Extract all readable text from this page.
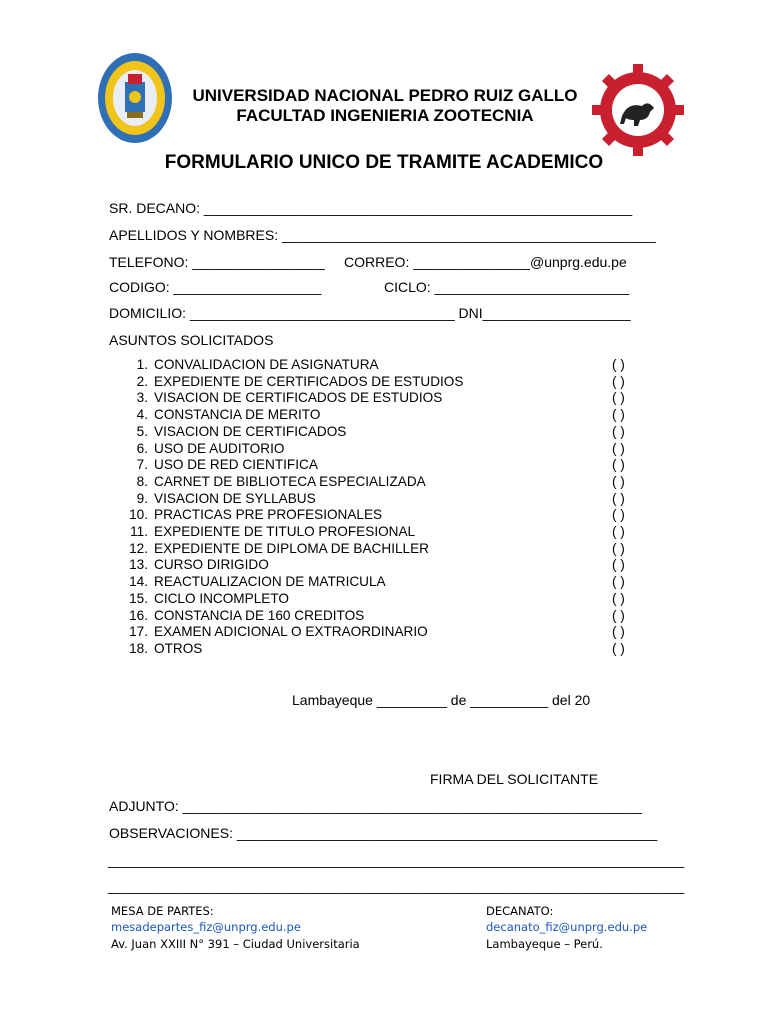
UNIVERSIDAD NACIONAL PEDRO RUIZ GALLO
FACULTAD INGENIERIA ZOOTECNIA
FORMULARIO UNICO DE TRAMITE ACADEMICO
SR. DECANO: _______________________________________________________
APELLIDOS Y NOMBRES: ________________________________________________
TELEFONO: _________________ CORREO: _______________@unprg.edu.pe
CODIGO: ___________________	CICLO: _________________________
DOMICILIO: __________________________________ DNI___________________
ASUNTOS SOLICITADOS
1. CONVALIDACION DE ASIGNATURA	( )
2. EXPEDIENTE DE CERTIFICADOS DE ESTUDIOS	( )
3. VISACION DE CERTIFICADOS DE ESTUDIOS	( )
4. CONSTANCIA DE MERITO	( )
5. VISACION DE CERTIFICADOS	( )
6. USO DE AUDITORIO	( )
7. USO DE RED CIENTIFICA	( )
8. CARNET DE BIBLIOTECA ESPECIALIZADA	( )
9. VISACION DE SYLLABUS	( )
10. PRACTICAS PRE PROFESIONALES	( )
11. EXPEDIENTE DE TITULO PROFESIONAL	( )
12. EXPEDIENTE DE DIPLOMA DE BACHILLER	( )
13. CURSO DIRIGIDO	( )
14. REACTUALIZACION DE MATRICULA	( )
15. CICLO INCOMPLETO	( )
16. CONSTANCIA DE 160 CREDITOS	( )
17. EXAMEN ADICIONAL O EXTRAORDINARIO	( )
18. OTROS	( )
Lambayeque _________ de __________ del 20
FIRMA DEL SOLICITANTE
ADJUNTO: ___________________________________________________________
OBSERVACIONES: ______________________________________________________
__________________________________________________________________________
__________________________________________________________________________
MESA DE PARTES:
mesadepartes_fiz@unprg.edu.pe
Av. Juan XXIII N° 391 – Ciudad Universitaria
DECANATO:
decanato_fiz@unprg.edu.pe
Lambayeque – Perú.
